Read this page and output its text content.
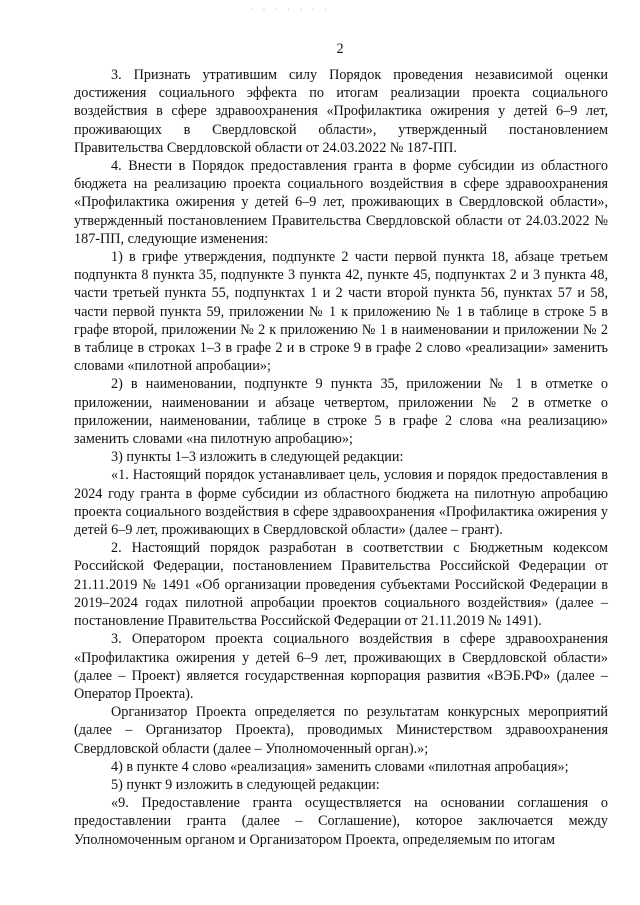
· · · · · · ·
2

3. Признать утратившим силу Порядок проведения независимой оценки достижения социального эффекта по итогам реализации проекта социального воздействия в сфере здравоохранения «Профилактика ожирения у детей 6–9 лет, проживающих в Свердловской области», утвержденный постановлением Правительства Свердловской области от 24.03.2022 № 187-ПП.

4. Внести в Порядок предоставления гранта в форме субсидии из областного бюджета на реализацию проекта социального воздействия в сфере здравоохранения «Профилактика ожирения у детей 6–9 лет, проживающих в Свердловской области», утвержденный постановлением Правительства Свердловской области от 24.03.2022 № 187-ПП, следующие изменения:

1) в грифе утверждения, подпункте 2 части первой пункта 18, абзаце третьем подпункта 8 пункта 35, подпункте 3 пункта 42, пункте 45, подпунктах 2 и 3 пункта 48, части третьей пункта 55, подпунктах 1 и 2 части второй пункта 56, пунктах 57 и 58, части первой пункта 59, приложении № 1 к приложению № 1 в таблице в строке 5 в графе второй, приложении № 2 к приложению № 1 в наименовании и приложении № 2 в таблице в строках 1–3 в графе 2 и в строке 9 в графе 2 слово «реализации» заменить словами «пилотной апробации»;

2) в наименовании, подпункте 9 пункта 35, приложении № 1 в отметке о приложении, наименовании и абзаце четвертом, приложении № 2 в отметке о приложении, наименовании, таблице в строке 5 в графе 2 слова «на реализацию» заменить словами «на пилотную апробацию»;

3) пункты 1–3 изложить в следующей редакции:

«1. Настоящий порядок устанавливает цель, условия и порядок предоставления в 2024 году гранта в форме субсидии из областного бюджета на пилотную апробацию проекта социального воздействия в сфере здравоохранения «Профилактика ожирения у детей 6–9 лет, проживающих в Свердловской области» (далее – грант).

2. Настоящий порядок разработан в соответствии с Бюджетным кодексом Российской Федерации, постановлением Правительства Российской Федерации от 21.11.2019 № 1491 «Об организации проведения субъектами Российской Федерации в 2019–2024 годах пилотной апробации проектов социального воздействия» (далее – постановление Правительства Российской Федерации от 21.11.2019 № 1491).

3. Оператором проекта социального воздействия в сфере здравоохранения «Профилактика ожирения у детей 6–9 лет, проживающих в Свердловской области» (далее – Проект) является государственная корпорация развития «ВЭБ.РФ» (далее – Оператор Проекта).

Организатор Проекта определяется по результатам конкурсных мероприятий (далее – Организатор Проекта), проводимых Министерством здравоохранения Свердловской области (далее – Уполномоченный орган).»;

4) в пункте 4 слово «реализация» заменить словами «пилотная апробация»;

5) пункт 9 изложить в следующей редакции:

«9. Предоставление гранта осуществляется на основании соглашения о предоставлении гранта (далее – Соглашение), которое заключается между Уполномоченным органом и Организатором Проекта, определяемым по итогам
